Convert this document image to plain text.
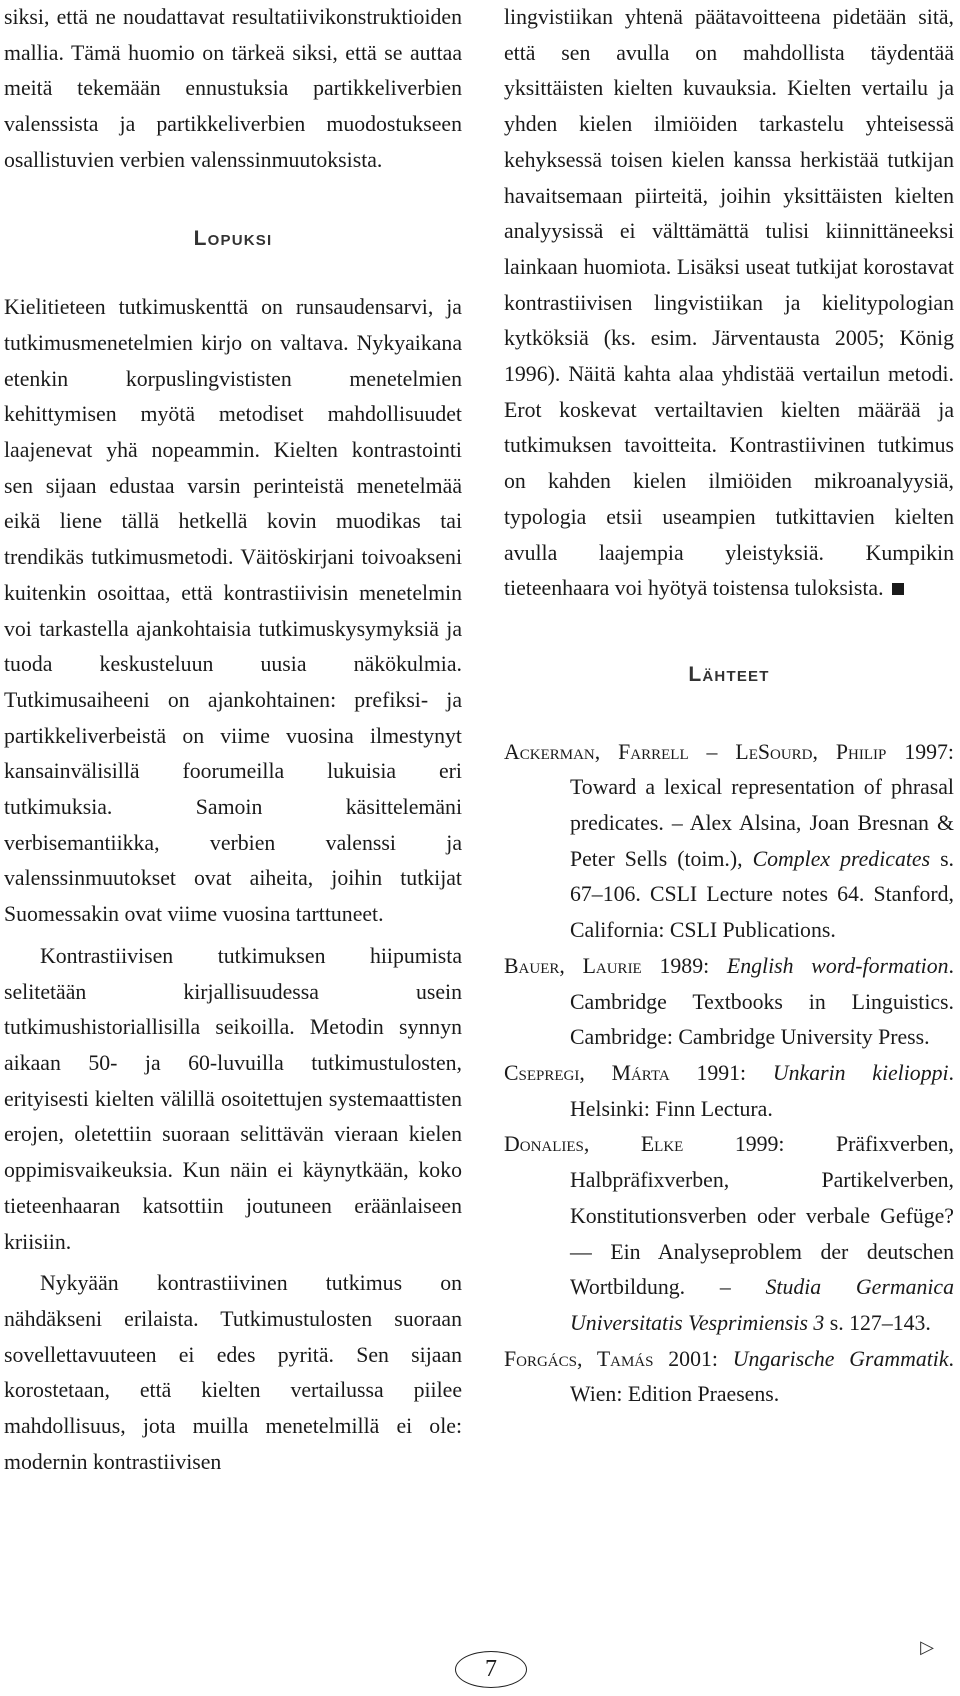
siksi, että ne noudattavat resultatiivikonstruktioiden mallia. Tämä huomio on tärkeä siksi, että se auttaa meitä tekemään ennustuksia partikkeliverbien valenssista ja partikkeliverbien muodostukseen osallistuvien verbien valenssinmuutoksista.

Lopuksi

Kielitieteen tutkimuskenttä on runsaudensarvi, ja tutkimusmenetelmien kirjo on valtava. Nykyaikana etenkin korpuslingvististen menetelmien kehittymisen myötä metodiset mahdollisuudet laajenevat yhä nopeammin. Kielten kontrastointi sen sijaan edustaa varsin perinteistä menetelmää eikä liene tällä hetkellä kovin muodikas tai trendikäs tutkimusmetodi. Väitöskirjani toivoakseni kuitenkin osoittaa, että kontrastiivisin menetelmin voi tarkastella ajankohtaisia tutkimuskysymyksiä ja tuoda keskusteluun uusia näkökulmia. Tutkimusaiheeni on ajankohtainen: prefiksi- ja partikkeliverbeistä on viime vuosina ilmestynyt kansainvälisillä foorumeilla lukuisia eri tutkimuksia. Samoin käsittelemäni verbisemantiikka, verbien valenssi ja valenssinmuutokset ovat aiheita, joihin tutkijat Suomessakin ovat viime vuosina tarttuneet.

Kontrastiivisen tutkimuksen hiipumista selitetään kirjallisuudessa usein tutkimushistoriallisilla seikoilla. Metodin synnyn aikaan 50- ja 60-luvuilla tutkimustulosten, erityisesti kielten välillä osoitettujen systemaattisten erojen, oletettiin suoraan selittävän vieraan kielen oppimisvaikeuksia. Kun näin ei käynytkään, koko tieteenhaaran katsottiin joutuneen eräänlaiseen kriisiin.

Nykyään kontrastiivinen tutkimus on nähdäkseni erilaista. Tutkimustulosten suoraan sovellettavuuteen ei edes pyritä. Sen sijaan korostetaan, että kielten vertailussa piilee mahdollisuus, jota muilla menetelmillä ei ole: modernin kontrastiivisen

lingvistiikan yhtenä päätavoitteena pidetään sitä, että sen avulla on mahdollista täydentää yksittäisten kielten kuvauksia. Kielten vertailu ja yhden kielen ilmiöiden tarkastelu yhteisessä kehyksessä toisen kielen kanssa herkistää tutkijan havaitsemaan piirteitä, joihin yksittäisten kielten analyysissä ei välttämättä tulisi kiinnittäneeksi lainkaan huomiota. Lisäksi useat tutkijat korostavat kontrastiivisen lingvistiikan ja kielitypologian kytköksiä (ks. esim. Järventausta 2005; König 1996). Näitä kahta alaa yhdistää vertailun metodi. Erot koskevat vertailtavien kielten määrää ja tutkimuksen tavoitteita. Kontrastiivinen tutkimus on kahden kielen ilmiöiden mikroanalyysiä, typologia etsii useampien tutkittavien kielten avulla laajempia yleistyksiä. Kumpikin tieteenhaara voi hyötyä toistensa tuloksista.

Lähteet

Ackerman, Farrell – LeSourd, Philip 1997: Toward a lexical representation of phrasal predicates. – Alex Alsina, Joan Bresnan & Peter Sells (toim.), Complex predicates s. 67–106. CSLI Lecture notes 64. Stanford, California: CSLI Publications.

Bauer, Laurie 1989: English word-formation. Cambridge Textbooks in Linguistics. Cambridge: Cambridge University Press.

Csepregi, Márta 1991: Unkarin kielioppi. Helsinki: Finn Lectura.

Donalies, Elke 1999: Präfixverben, Halbpräfixverben, Partikelverben, Konstitutionsverben oder verbale Gefüge? — Ein Analyseproblem der deutschen Wortbildung. – Studia Germanica Universitatis Vesprimiensis 3 s. 127–143.

Forgács, Tamás 2001: Ungarische Grammatik. Wien: Edition Praesens.

▷
7
